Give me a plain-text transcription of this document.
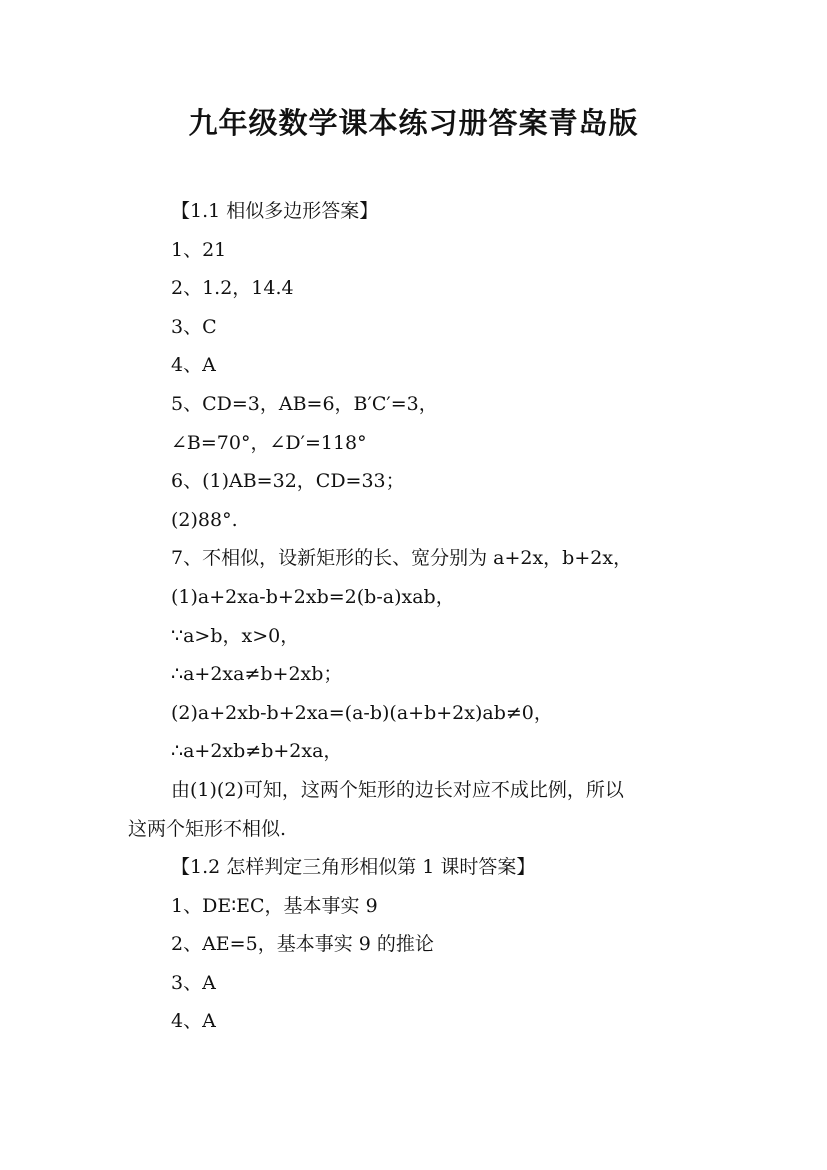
九年级数学课本练习册答案青岛版
【1.1 相似多边形答案】
1、21
2、1.2，14.4
3、C
4、A
5、CD=3，AB=6，B′C′=3，
∠B=70°，∠D′=118°
6、(1)AB=32，CD=33；
(2)88°.
7、不相似，设新矩形的长、宽分别为 a+2x，b+2x，
(1)a+2xa-b+2xb=2(b-a)xab，
∵a>b，x>0，
∴a+2xa≠b+2xb；
(2)a+2xb-b+2xa=(a-b)(a+b+2x)ab≠0，
∴a+2xb≠b+2xa，
由(1)(2)可知，这两个矩形的边长对应不成比例，所以
这两个矩形不相似.
【1.2 怎样判定三角形相似第 1 课时答案】
1、DE∶EC，基本事实 9
2、AE=5，基本事实 9 的推论
3、A
4、A
